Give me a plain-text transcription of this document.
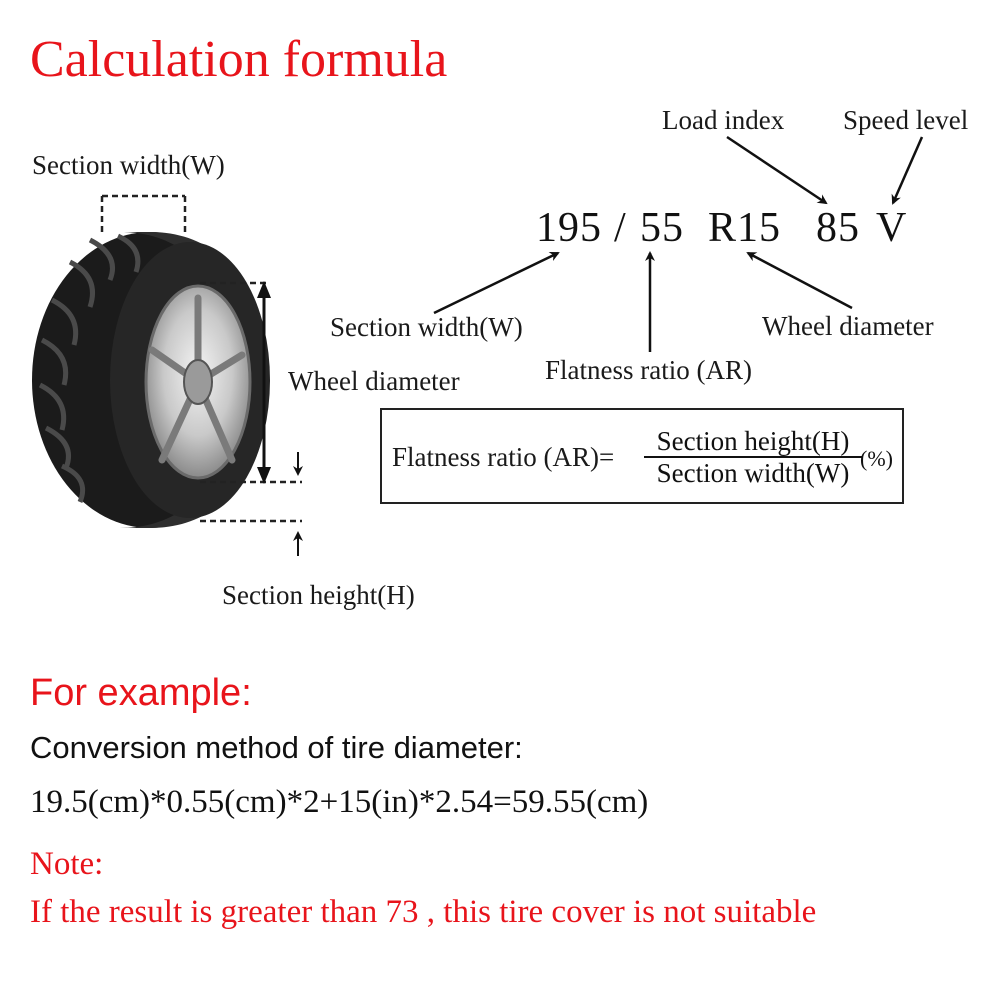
Calculation formula
Section width(W)
Wheel diameter
Section height(H)
Load index Speed level
195 / 55 R15 85 V
Section width(W)
Flatness ratio (AR)
Wheel diameter
Flatness ratio (AR)=
Section height(H)
Section width(W) (%)
For example:
Conversion method of tire diameter:
19.5(cm)*0.55(cm)*2+15(in)*2.54=59.55(cm)
Note:
If the result is greater than 73 , this tire cover is not suitable
